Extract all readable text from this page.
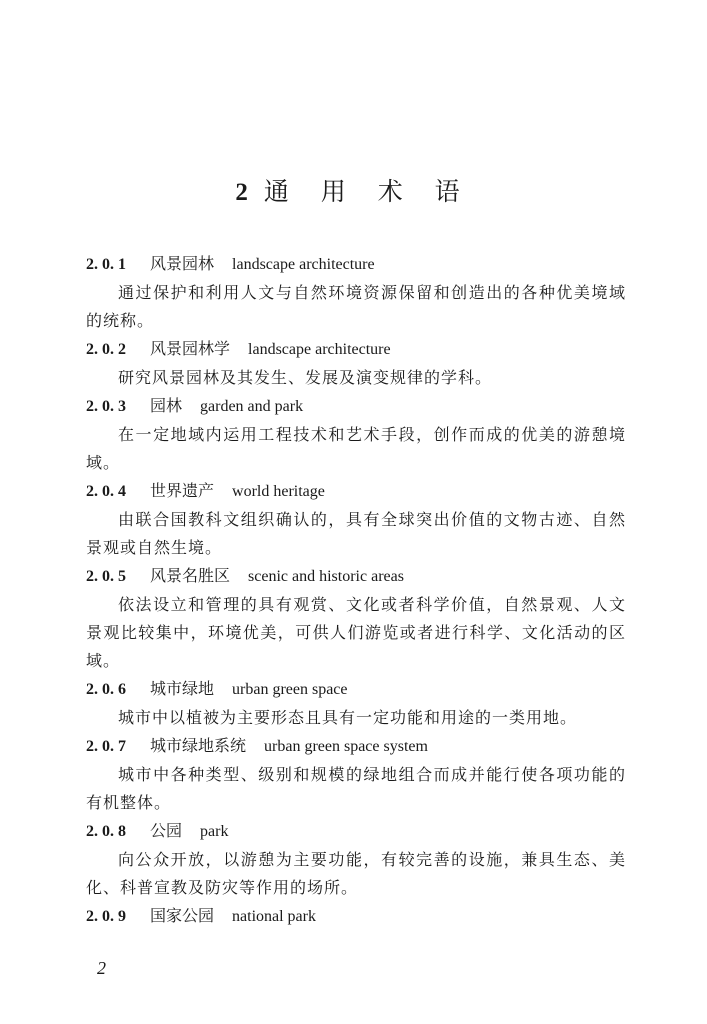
2 通 用 术 语
2. 0. 1 风景园林 landscape architecture

通过保护和利用人文与自然环境资源保留和创造出的各种优美境域的统称。

2. 0. 2 风景园林学 landscape architecture

研究风景园林及其发生、发展及演变规律的学科。

2. 0. 3 园林 garden and park

在一定地域内运用工程技术和艺术手段，创作而成的优美的游憩境域。

2. 0. 4 世界遗产 world heritage

由联合国教科文组织确认的，具有全球突出价值的文物古迹、自然景观或自然生境。

2. 0. 5 风景名胜区 scenic and historic areas

依法设立和管理的具有观赏、文化或者科学价值，自然景观、人文景观比较集中，环境优美，可供人们游览或者进行科学、文化活动的区域。

2. 0. 6 城市绿地 urban green space

城市中以植被为主要形态且具有一定功能和用途的一类用地。

2. 0. 7 城市绿地系统 urban green space system

城市中各种类型、级别和规模的绿地组合而成并能行使各项功能的有机整体。

2. 0. 8 公园 park

向公众开放，以游憩为主要功能，有较完善的设施，兼具生态、美化、科普宣教及防灾等作用的场所。

2. 0. 9 国家公园 national park
2
